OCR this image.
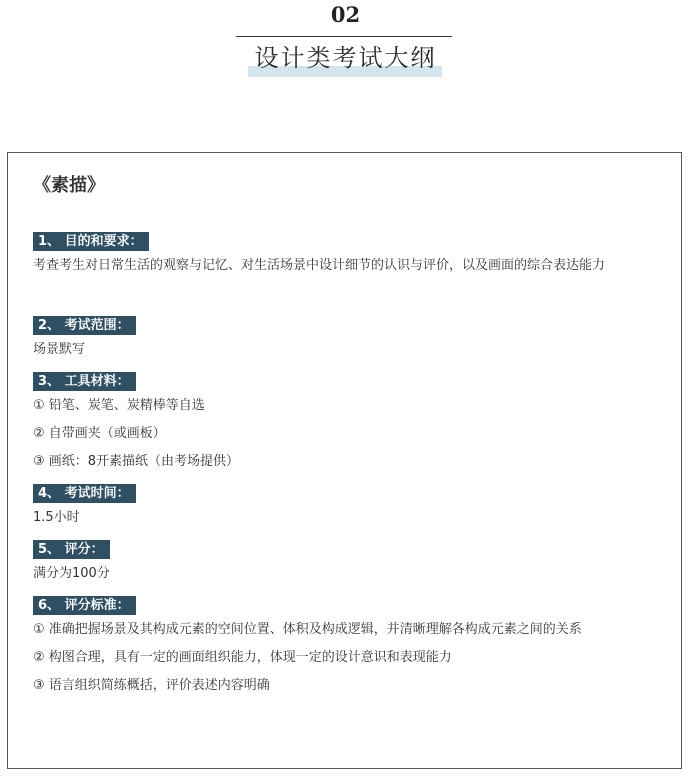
02
设计类考试大纲
《素描》
1、 目的和要求：
考查考生对日常生活的观察与记忆、对生活场景中设计细节的认识与评价，以及画面的综合表达能力
2、 考试范围：
场景默写
3、 工具材料：
① 铅笔、炭笔、炭精棒等自选
② 自带画夹（或画板）
③ 画纸：8开素描纸（由考场提供）
4、 考试时间：
1.5小时
5、 评分：
满分为100分
6、 评分标准：
① 准确把握场景及其构成元素的空间位置、体积及构成逻辑，并清晰理解各构成元素之间的关系
② 构图合理，具有一定的画面组织能力，体现一定的设计意识和表现能力
③ 语言组织简练概括，评价表述内容明确
